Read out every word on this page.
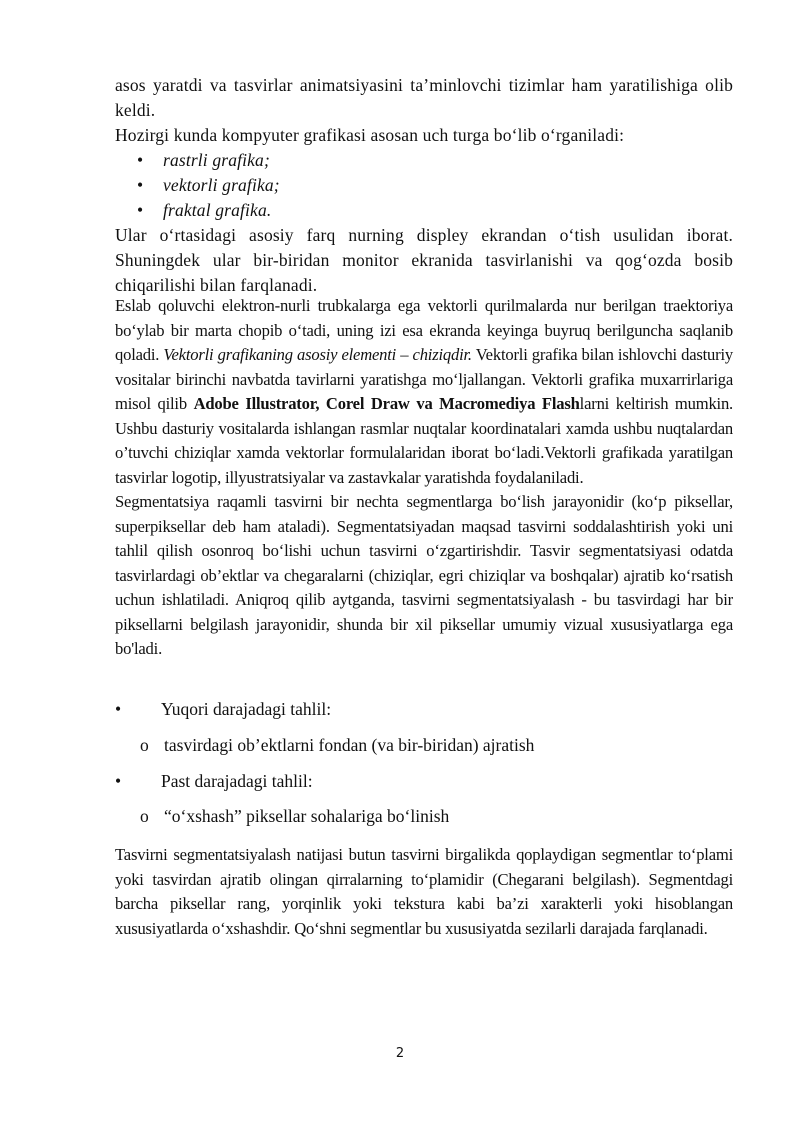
asos yaratdi va tasvirlar animatsiyasini ta’minlovchi tizimlar ham yaratilishiga olib keldi.

Hozirgi kunda kompyuter grafikasi asosan uch turga bo‘lib o‘rganiladi:

• rastrli grafika;
• vektorli grafika;
• fraktal grafika.

Ular o‘rtasidagi asosiy farq nurning displey ekrandan o‘tish usulidan iborat. Shuningdek ular bir-biridan monitor ekranida tasvirlanishi va qog‘ozda bosib chiqarilishi bilan farqlanadi.

Eslab qoluvchi elektron-nurli trubkalarga ega vektorli qurilmalarda nur berilgan traektoriya bo‘ylab bir marta chopib o‘tadi, uning izi esa ekranda keyinga buyruq berilguncha saqlanib qoladi. Vektorli grafikaning asosiy elementi – chiziqdir. Vektorli grafika bilan ishlovchi dasturiy vositalar birinchi navbatda tavirlarni yaratishga mo‘ljallangan. Vektorli grafika muxarrirlariga misol qilib Adobe Illustrator, Corel Draw va Macromediya Flashlarni keltirish mumkin. Ushbu dasturiy vositalarda ishlangan rasmlar nuqtalar koordinatalari xamda ushbu nuqtalardan o’tuvchi chiziqlar xamda vektorlar formulalaridan iborat bo‘ladi.Vektorli grafikada yaratilgan tasvirlar logotip, illyustratsiyalar va zastavkalar yaratishda foydalaniladi.

Segmentatsiya raqamli tasvirni bir nechta segmentlarga bo‘lish jarayonidir (ko‘p piksellar, superpiksellar deb ham ataladi). Segmentatsiyadan maqsad tasvirni soddalashtirish yoki uni tahlil qilish osonroq bo‘lishi uchun tasvirni o‘zgartirishdir. Tasvir segmentatsiyasi odatda tasvirlardagi ob’ektlar va chegaralarni (chiziqlar, egri chiziqlar va boshqalar) ajratib ko‘rsatish uchun ishlatiladi. Aniqroq qilib aytganda, tasvirni segmentatsiyalash - bu tasvirdagi har bir piksellarni belgilash jarayonidir, shunda bir xil piksellar umumiy vizual xususiyatlarga ega bo'ladi.

• Yuqori darajadagi tahlil:
o tasvirdagi ob’ektlarni fondan (va bir-biridan) ajratish
• Past darajadagi tahlil:
o “o‘xshash” piksellar sohalariga bo‘linish

Tasvirni segmentatsiyalash natijasi butun tasvirni birgalikda qoplaydigan segmentlar to‘plami yoki tasvirdan ajratib olingan qirralarning to‘plamidir (Chegarani belgilash). Segmentdagi barcha piksellar rang, yorqinlik yoki tekstura kabi ba’zi xarakterli yoki hisoblangan xususiyatlarda o‘xshashdir. Qo‘shni segmentlar bu xususiyatda sezilarli darajada farqlanadi.

2
